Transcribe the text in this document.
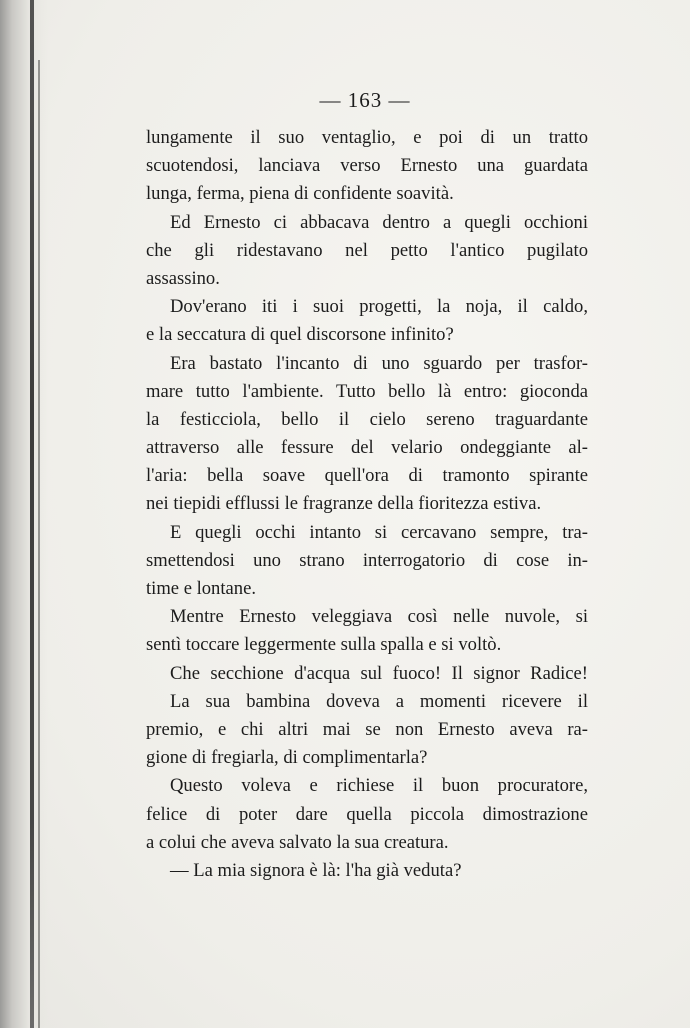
— 163 —
lungamente il suo ventaglio, e poi di un tratto
scuotendosi, lanciava verso Ernesto una guardata
lunga, ferma, piena di confidente soavità.
Ed Ernesto ci abbacava dentro a quegli occhioni
che gli ridestavano nel petto l'antico pugilato
assassino.
Dov'erano iti i suoi progetti, la noja, il caldo,
e la seccatura di quel discorsone infinito?
Era bastato l'incanto di uno sguardo per trasfor-
mare tutto l'ambiente. Tutto bello là entro: gioconda
la festicciola, bello il cielo sereno traguardante
attraverso alle fessure del velario ondeggiante al-
l'aria: bella soave quell'ora di tramonto spirante
nei tiepidi efflussi le fragranze della fioritezza estiva.
E quegli occhi intanto si cercavano sempre, tra-
smettendosi uno strano interrogatorio di cose in-
time e lontane.
Mentre Ernesto veleggiava così nelle nuvole, si
sentì toccare leggermente sulla spalla e si voltò.
Che secchione d'acqua sul fuoco! Il signor Radice!
La sua bambina doveva a momenti ricevere il
premio, e chi altri mai se non Ernesto aveva ra-
gione di fregiarla, di complimentarla?
Questo voleva e richiese il buon procuratore,
felice di poter dare quella piccola dimostrazione
a colui che aveva salvato la sua creatura.
— La mia signora è là: l'ha già veduta?
